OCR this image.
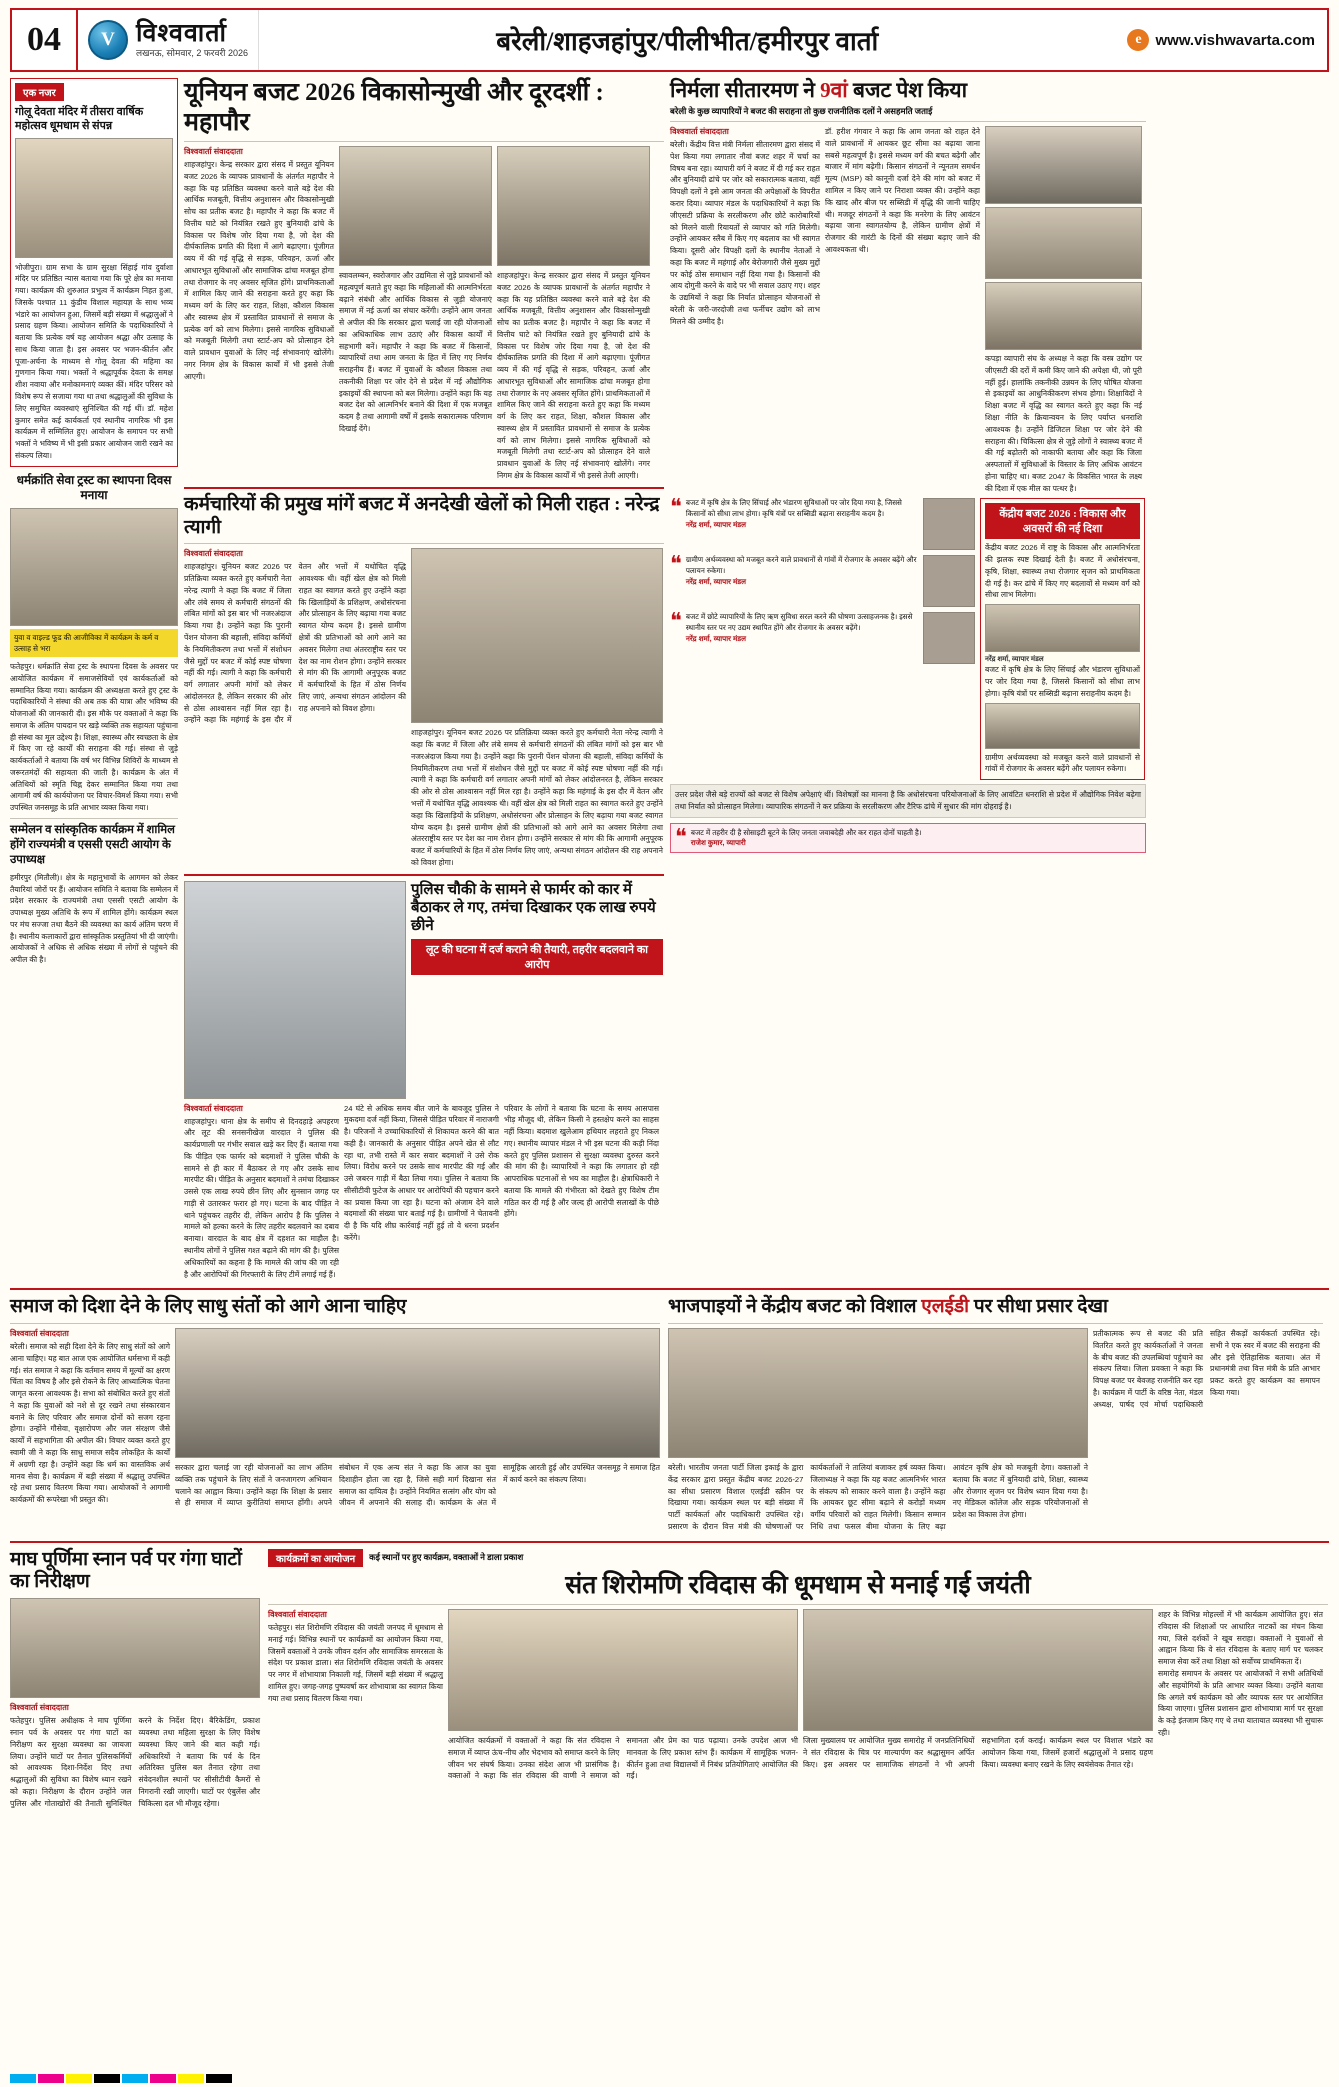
04	V विश्ववार्ता
लखनऊ, सोमवार, 2 फरवरी 2026	बरेली/शाहजहांपुर/पीलीभीत/हमीरपुर वार्ता	e www.vishwavarta.com
एक नजर
गोलू देवता मंदिर में तीसरा वार्षिक महोत्सव धूमधाम से संपन्न
भोजीपुरा। ग्राम सभा के ग्राम सुरक्षा सिंहाई गांव दुर्वाशा मंदिर पर प्रतिष्ठित न्यास बताया गया कि पूरे क्षेत्र का मनाया गया। कार्यक्रम की शुरुआत प्रभुत्व र्ने कार्यक्रम निहत हुआ, जिसके पश्चात 11 कुंडीय विशाल महायज्ञ के साथ भव्य भंडारे का आयोजन हुआ, जिसमें बड़ी संख्या में श्रद्धालुओं ने प्रसाद ग्रहण किया। आयोजन समिति के पदाधिकारियों ने बताया कि प्रत्येक वर्ष यह आयोजन श्रद्धा और उत्साह के साथ किया जाता है। इस अवसर पर भजन-कीर्तन और पूजा-अर्चना के माध्यम से गोलू देवता की महिमा का गुणगान किया गया। भक्तों ने श्रद्धापूर्वक देवता के समक्ष शीश नवाया और मनोकामनाएं व्यक्त कीं। मंदिर परिसर को विशेष रूप से सजाया गया था तथा श्रद्धालुओं की सुविधा के लिए समुचित व्यवस्थाएं सुनिश्चित की गई थीं। डॉ. महेश कुमार समेत कई कार्यकर्ता एवं स्थानीय नागरिक भी इस कार्यक्रम में सम्मिलित हुए। आयोजन के समापन पर सभी भक्तों ने भविष्य में भी इसी प्रकार आयोजन जारी रखने का संकल्प लिया।
धर्मक्रांति सेवा ट्रस्ट का स्थापना दिवस मनाया
युवा व वाइल्ड फूड की आजीविका में कार्यक्रम के कर्म व उत्साह से भरा
फतेहपुर। धर्मक्रांति सेवा ट्रस्ट के स्थापना दिवस के अवसर पर आयोजित कार्यक्रम में समाजसेवियों एवं कार्यकर्ताओं को सम्मानित किया गया। कार्यक्रम की अध्यक्षता करते हुए ट्रस्ट के पदाधिकारियों ने संस्था की अब तक की यात्रा और भविष्य की योजनाओं की जानकारी दी। इस मौके पर वक्ताओं ने कहा कि समाज के अंतिम पायदान पर खड़े व्यक्ति तक सहायता पहुंचाना ही संस्था का मूल उद्देश्य है। शिक्षा, स्वास्थ्य और स्वच्छता के क्षेत्र में किए जा रहे कार्यों की सराहना की गई। संस्था से जुड़े कार्यकर्ताओं ने बताया कि वर्ष भर विभिन्न शिविरों के माध्यम से जरूरतमंदों की सहायता की जाती है। कार्यक्रम के अंत में अतिथियों को स्मृति चिह्न देकर सम्मानित किया गया तथा आगामी वर्ष की कार्ययोजना पर विचार-विमर्श किया गया। सभी उपस्थित जनसमूह के प्रति आभार व्यक्त किया गया।
सम्मेलन व सांस्कृतिक कार्यक्रम में शामिल होंगे राज्यमंत्री व एससी एसटी आयोग के उपाध्यक्ष
हमीरपुर (मितौली)। क्षेत्र के महानुभावों के आगमन को लेकर तैयारियां जोरों पर हैं। आयोजन समिति ने बताया कि सम्मेलन में प्रदेश सरकार के राज्यमंत्री तथा एससी एसटी आयोग के उपाध्यक्ष मुख्य अतिथि के रूप में शामिल होंगे। कार्यक्रम स्थल पर मंच सज्जा तथा बैठने की व्यवस्था का कार्य अंतिम चरण में है। स्थानीय कलाकारों द्वारा सांस्कृतिक प्रस्तुतियां भी दी जाएंगी। आयोजकों ने अधिक से अधिक संख्या में लोगों से पहुंचने की अपील की है।
यूनियन बजट 2026 विकासोन्मुखी और दूरदर्शी : महापौर
विश्ववार्ता संवाददाता
शाहजहांपुर। केन्द्र सरकार द्वारा संसद में प्रस्तुत यूनियन बजट 2026 के व्यापक प्रावधानों के अंतर्गत महापौर ने कहा कि यह प्रतिष्ठित व्यवस्था करने वाले बड़े देश की आर्थिक मजबूती, वित्तीय अनुशासन और विकासोन्मुखी सोच का प्रतीक बजट है। महापौर ने कहा कि बजट में वित्तीय घाटे को नियंत्रित रखते हुए बुनियादी ढांचे के विकास पर विशेष जोर दिया गया है, जो देश की दीर्घकालिक प्रगति की दिशा में आगे बढ़ाएगा। पूंजीगत व्यय में की गई वृद्धि से सड़क, परिवहन, ऊर्जा और आधारभूत सुविधाओं और सामाजिक ढांचा मजबूत होगा तथा रोजगार के नए अवसर सृजित होंगे। प्राथमिकताओं में शामिल किए जाने की सराहना करते हुए कहा कि मध्यम वर्ग के लिए कर राहत, शिक्षा, कौशल विकास और स्वास्थ्य क्षेत्र में प्रस्तावित प्रावधानों से समाज के प्रत्येक वर्ग को लाभ मिलेगा। इससे नागरिक सुविधाओं को मजबूती मिलेगी तथा स्टार्ट-अप को प्रोत्साहन देने वाले प्रावधान युवाओं के लिए नई संभावनाएं खोलेंगे। नगर निगम क्षेत्र के विकास कार्यों में भी इससे तेजी आएगी।
स्वावलम्बन, स्वरोजगार और उद्यमिता से जुड़े प्रावधानों को महत्वपूर्ण बताते हुए कहा कि महिलाओं की आत्मनिर्भरता बढ़ाने संबंधी और आर्थिक विकास से जुड़ी योजनाएं समाज में नई ऊर्जा का संचार करेंगी। उन्होंने आम जनता से अपील की कि सरकार द्वारा चलाई जा रही योजनाओं का अधिकाधिक लाभ उठाएं और विकास कार्यों में सहभागी बनें। महापौर ने कहा कि बजट में किसानों, व्यापारियों तथा आम जनता के हित में लिए गए निर्णय सराहनीय हैं। बजट में युवाओं के कौशल विकास तथा तकनीकी शिक्षा पर जोर देने से प्रदेश में नई औद्योगिक इकाइयों की स्थापना को बल मिलेगा। उन्होंने कहा कि यह बजट देश को आत्मनिर्भर बनाने की दिशा में एक मजबूत कदम है तथा आगामी वर्षों में इसके सकारात्मक परिणाम दिखाई देंगे।
शाहजहांपुर। केन्द्र सरकार द्वारा संसद में प्रस्तुत यूनियन बजट 2026 के व्यापक प्रावधानों के अंतर्गत महापौर ने कहा कि यह प्रतिष्ठित व्यवस्था करने वाले बड़े देश की आर्थिक मजबूती, वित्तीय अनुशासन और विकासोन्मुखी सोच का प्रतीक बजट है। महापौर ने कहा कि बजट में वित्तीय घाटे को नियंत्रित रखते हुए बुनियादी ढांचे के विकास पर विशेष जोर दिया गया है, जो देश की दीर्घकालिक प्रगति की दिशा में आगे बढ़ाएगा। पूंजीगत व्यय में की गई वृद्धि से सड़क, परिवहन, ऊर्जा और आधारभूत सुविधाओं और सामाजिक ढांचा मजबूत होगा तथा रोजगार के नए अवसर सृजित होंगे। प्राथमिकताओं में शामिल किए जाने की सराहना करते हुए कहा कि मध्यम वर्ग के लिए कर राहत, शिक्षा, कौशल विकास और स्वास्थ्य क्षेत्र में प्रस्तावित प्रावधानों से समाज के प्रत्येक वर्ग को लाभ मिलेगा। इससे नागरिक सुविधाओं को मजबूती मिलेगी तथा स्टार्ट-अप को प्रोत्साहन देने वाले प्रावधान युवाओं के लिए नई संभावनाएं खोलेंगे। नगर निगम क्षेत्र के विकास कार्यों में भी इससे तेजी आएगी।
कर्मचारियों की प्रमुख मांगें बजट में अनदेखी खेलों को मिली राहत : नरेन्द्र त्यागी
विश्ववार्ता संवाददाता
शाहजहांपुर। यूनियन बजट 2026 पर प्रतिक्रिया व्यक्त करते हुए कर्मचारी नेता नरेन्द्र त्यागी ने कहा कि बजट में जिला और लंबे समय से कर्मचारी संगठनों की लंबित मांगों को इस बार भी नजरअंदाज किया गया है। उन्होंने कहा कि पुरानी पेंशन योजना की बहाली, संविदा कर्मियों के नियमितीकरण तथा भत्तों में संशोधन जैसे मुद्दों पर बजट में कोई स्पष्ट घोषणा नहीं की गई। त्यागी ने कहा कि कर्मचारी वर्ग लगातार अपनी मांगों को लेकर आंदोलनरत है, लेकिन सरकार की ओर से ठोस आश्वासन नहीं मिल रहा है। उन्होंने कहा कि महंगाई के इस दौर में वेतन और भत्तों में यथोचित वृद्धि आवश्यक थी। वहीं खेल क्षेत्र को मिली राहत का स्वागत करते हुए उन्होंने कहा कि खिलाड़ियों के प्रशिक्षण, अधोसंरचना और प्रोत्साहन के लिए बढ़ाया गया बजट स्वागत योग्य कदम है। इससे ग्रामीण क्षेत्रों की प्रतिभाओं को आगे आने का अवसर मिलेगा तथा अंतरराष्ट्रीय स्तर पर देश का नाम रोशन होगा। उन्होंने सरकार से मांग की कि आगामी अनुपूरक बजट में कर्मचारियों के हित में ठोस निर्णय लिए जाएं, अन्यथा संगठन आंदोलन की राह अपनाने को विवश होगा।
शाहजहांपुर। यूनियन बजट 2026 पर प्रतिक्रिया व्यक्त करते हुए कर्मचारी नेता नरेन्द्र त्यागी ने कहा कि बजट में जिला और लंबे समय से कर्मचारी संगठनों की लंबित मांगों को इस बार भी नजरअंदाज किया गया है। उन्होंने कहा कि पुरानी पेंशन योजना की बहाली, संविदा कर्मियों के नियमितीकरण तथा भत्तों में संशोधन जैसे मुद्दों पर बजट में कोई स्पष्ट घोषणा नहीं की गई। त्यागी ने कहा कि कर्मचारी वर्ग लगातार अपनी मांगों को लेकर आंदोलनरत है, लेकिन सरकार की ओर से ठोस आश्वासन नहीं मिल रहा है। उन्होंने कहा कि महंगाई के इस दौर में वेतन और भत्तों में यथोचित वृद्धि आवश्यक थी। वहीं खेल क्षेत्र को मिली राहत का स्वागत करते हुए उन्होंने कहा कि खिलाड़ियों के प्रशिक्षण, अधोसंरचना और प्रोत्साहन के लिए बढ़ाया गया बजट स्वागत योग्य कदम है। इससे ग्रामीण क्षेत्रों की प्रतिभाओं को आगे आने का अवसर मिलेगा तथा अंतरराष्ट्रीय स्तर पर देश का नाम रोशन होगा। उन्होंने सरकार से मांग की कि आगामी अनुपूरक बजट में कर्मचारियों के हित में ठोस निर्णय लिए जाएं, अन्यथा संगठन आंदोलन की राह अपनाने को विवश होगा।
पुलिस चौकी के सामने से फार्मर को कार में बैठाकर ले गए, तमंचा दिखाकर एक लाख रुपये छीने
लूट की घटना में दर्ज कराने की तैयारी, तहरीर बदलवाने का आरोप
विश्ववार्ता संवाददाता
शाहजहांपुर। थाना क्षेत्र के समीप से दिनदहाड़े अपहरण और लूट की सनसनीखेज वारदात ने पुलिस की कार्यप्रणाली पर गंभीर सवाल खड़े कर दिए हैं। बताया गया कि पीड़ित एक फार्मर को बदमाशों ने पुलिस चौकी के सामने से ही कार में बैठाकर ले गए और उसके साथ मारपीट की। पीड़ित के अनुसार बदमाशों ने तमंचा दिखाकर उससे एक लाख रुपये छीन लिए और सुनसान जगह पर गाड़ी से उतारकर फरार हो गए। घटना के बाद पीड़ित ने थाने पहुंचकर तहरीर दी, लेकिन आरोप है कि पुलिस ने मामले को हल्का करने के लिए तहरीर बदलवाने का दबाव बनाया। वारदात के बाद क्षेत्र में दहशत का माहौल है। स्थानीय लोगों ने पुलिस गश्त बढ़ाने की मांग की है। पुलिस अधिकारियों का कहना है कि मामले की जांच की जा रही है और आरोपियों की गिरफ्तारी के लिए टीमें लगाई गई हैं।
24 घंटे से अधिक समय बीत जाने के बावजूद पुलिस ने मुकदमा दर्ज नहीं किया, जिससे पीड़ित परिवार में नाराजगी है। परिजनों ने उच्चाधिकारियों से शिकायत करने की बात कही है। जानकारी के अनुसार पीड़ित अपने खेत से लौट रहा था, तभी रास्ते में कार सवार बदमाशों ने उसे रोक लिया। विरोध करने पर उसके साथ मारपीट की गई और उसे जबरन गाड़ी में बैठा लिया गया। पुलिस ने बताया कि सीसीटीवी फुटेज के आधार पर आरोपियों की पहचान करने का प्रयास किया जा रहा है। घटना को अंजाम देने वाले बदमाशों की संख्या चार बताई गई है। ग्रामीणों ने चेतावनी दी है कि यदि शीघ्र कार्रवाई नहीं हुई तो वे धरना प्रदर्शन करेंगे।
परिवार के लोगों ने बताया कि घटना के समय आसपास भीड़ मौजूद थी, लेकिन किसी ने हस्तक्षेप करने का साहस नहीं किया। बदमाश खुलेआम हथियार लहराते हुए निकल गए। स्थानीय व्यापार मंडल ने भी इस घटना की कड़ी निंदा करते हुए पुलिस प्रशासन से सुरक्षा व्यवस्था दुरुस्त करने की मांग की है। व्यापारियों ने कहा कि लगातार हो रही आपराधिक घटनाओं से भय का माहौल है। क्षेत्राधिकारी ने बताया कि मामले की गंभीरता को देखते हुए विशेष टीम गठित कर दी गई है और जल्द ही आरोपी सलाखों के पीछे होंगे।
निर्मला सीतारमण ने 9वां बजट पेश किया
बरेली के कुछ व्यापारियों ने बजट की सराहना तो कुछ राजनीतिक दलों ने असहमति जताई
विश्ववार्ता संवाददाता
बरेली। केंद्रीय वित्त मंत्री निर्मला सीतारमण द्वारा संसद में पेश किया गया लगातार नौवां बजट शहर में चर्चा का विषय बना रहा। व्यापारी वर्ग ने बजट में दी गई कर राहत और बुनियादी ढांचे पर जोर को सकारात्मक बताया, वहीं विपक्षी दलों ने इसे आम जनता की अपेक्षाओं के विपरीत करार दिया। व्यापार मंडल के पदाधिकारियों ने कहा कि जीएसटी प्रक्रिया के सरलीकरण और छोटे कारोबारियों को मिलने वाली रियायतों से व्यापार को गति मिलेगी। उन्होंने आयकर स्लैब में किए गए बदलाव का भी स्वागत किया। दूसरी ओर विपक्षी दलों के स्थानीय नेताओं ने कहा कि बजट में महंगाई और बेरोजगारी जैसे मुख्य मुद्दों पर कोई ठोस समाधान नहीं दिया गया है। किसानों की आय दोगुनी करने के वादे पर भी सवाल उठाए गए। शहर के उद्यमियों ने कहा कि निर्यात प्रोत्साहन योजनाओं से बरेली के जरी-जरदोजी तथा फर्नीचर उद्योग को लाभ मिलने की उम्मीद है।
डॉ. हरीश गंगवार ने कहा कि आम जनता को राहत देने वाले प्रावधानों में आयकर छूट सीमा का बढ़ाया जाना सबसे महत्वपूर्ण है। इससे मध्यम वर्ग की बचत बढ़ेगी और बाजार में मांग बढ़ेगी। किसान संगठनों ने न्यूनतम समर्थन मूल्य (MSP) को कानूनी दर्जा देने की मांग को बजट में शामिल न किए जाने पर निराशा व्यक्त की। उन्होंने कहा कि खाद और बीज पर सब्सिडी में वृद्धि की जानी चाहिए थी। मजदूर संगठनों ने कहा कि मनरेगा के लिए आवंटन बढ़ाया जाना स्वागतयोग्य है, लेकिन ग्रामीण क्षेत्रों में रोजगार की गारंटी के दिनों की संख्या बढ़ाए जाने की आवश्यकता थी।
कपड़ा व्यापारी संघ के अध्यक्ष ने कहा कि वस्त्र उद्योग पर जीएसटी की दरों में कमी किए जाने की अपेक्षा थी, जो पूरी नहीं हुई। हालांकि तकनीकी उन्नयन के लिए घोषित योजना से इकाइयों का आधुनिकीकरण संभव होगा। शिक्षाविदों ने शिक्षा बजट में वृद्धि का स्वागत करते हुए कहा कि नई शिक्षा नीति के क्रियान्वयन के लिए पर्याप्त धनराशि आवश्यक है। उन्होंने डिजिटल शिक्षा पर जोर देने की सराहना की। चिकित्सा क्षेत्र से जुड़े लोगों ने स्वास्थ्य बजट में की गई बढ़ोतरी को नाकाफी बताया और कहा कि जिला अस्पतालों में सुविधाओं के विस्तार के लिए अधिक आवंटन होना चाहिए था। बजट 2047 के विकसित भारत के लक्ष्य की दिशा में एक मील का पत्थर है।
❝ बजट में कृषि क्षेत्र के लिए सिंचाई और भंडारण सुविधाओं पर जोर दिया गया है, जिससे किसानों को सीधा लाभ होगा। कृषि यंत्रों पर सब्सिडी बढ़ाना सराहनीय कदम है।
नरेंद्र शर्मा, व्यापार मंडल
❝ ग्रामीण अर्थव्यवस्था को मजबूत करने वाले प्रावधानों से गांवों में रोजगार के अवसर बढ़ेंगे और पलायन रुकेगा।
नरेंद्र शर्मा, व्यापार मंडल
❝ बजट में छोटे व्यापारियों के लिए ऋण सुविधा सरल करने की घोषणा उत्साहजनक है। इससे स्थानीय स्तर पर नए उद्यम स्थापित होंगे और रोजगार के अवसर बढ़ेंगे।
नरेंद्र शर्मा, व्यापार मंडल
केंद्रीय बजट 2026 : विकास और अवसरों की नई दिशा
केंद्रीय बजट 2026 में राष्ट्र के विकास और आत्मनिर्भरता की झलक स्पष्ट दिखाई देती है। बजट में अधोसंरचना, कृषि, शिक्षा, स्वास्थ्य तथा रोजगार सृजन को प्राथमिकता दी गई है। कर ढांचे में किए गए बदलावों से मध्यम वर्ग को सीधा लाभ मिलेगा।
नरेंद्र शर्मा, व्यापार मंडल
बजट में कृषि क्षेत्र के लिए सिंचाई और भंडारण सुविधाओं पर जोर दिया गया है, जिससे किसानों को सीधा लाभ होगा। कृषि यंत्रों पर सब्सिडी बढ़ाना सराहनीय कदम है।
ग्रामीण अर्थव्यवस्था को मजबूत करने वाले प्रावधानों से गांवों में रोजगार के अवसर बढ़ेंगे और पलायन रुकेगा।
उत्तर प्रदेश जैसे बड़े राज्यों को बजट से विशेष अपेक्षाएं थीं। विशेषज्ञों का मानना है कि अधोसंरचना परियोजनाओं के लिए आवंटित धनराशि से प्रदेश में औद्योगिक निवेश बढ़ेगा तथा निर्यात को प्रोत्साहन मिलेगा। व्यापारिक संगठनों ने कर प्रक्रिया के सरलीकरण और टैरिफ ढांचे में सुधार की मांग दोहराई है।
❝ बजट में तहरीर दी है सोसाइटी बूटने के लिए जनता जवाबदेही और कर राहत दोनों चाहती है।
राजेश कुमार, व्यापारी
समाज को दिशा देने के लिए साधु संतों को आगे आना चाहिए
विश्ववार्ता संवाददाता
बरेली। समाज को सही दिशा देने के लिए साधु संतों को आगे आना चाहिए। यह बात आज एक आयोजित धर्मसभा में कही गई। संत समाज ने कहा कि वर्तमान समय में मूल्यों का क्षरण चिंता का विषय है और इसे रोकने के लिए आध्यात्मिक चेतना जागृत करना आवश्यक है। सभा को संबोधित करते हुए संतों ने कहा कि युवाओं को नशे से दूर रखने तथा संस्कारवान बनाने के लिए परिवार और समाज दोनों को सजग रहना होगा। उन्होंने गौसेवा, वृक्षारोपण और जल संरक्षण जैसे कार्यों में सहभागिता की अपील की। विचार व्यक्त करते हुए स्वामी जी ने कहा कि साधु समाज सदैव लोकहित के कार्यों में अग्रणी रहा है। उन्होंने कहा कि धर्म का वास्तविक अर्थ मानव सेवा है। कार्यक्रम में बड़ी संख्या में श्रद्धालु उपस्थित रहे तथा प्रसाद वितरण किया गया। आयोजकों ने आगामी कार्यक्रमों की रूपरेखा भी प्रस्तुत की।
सरकार द्वारा चलाई जा रही योजनाओं का लाभ अंतिम व्यक्ति तक पहुंचाने के लिए संतों ने जनजागरण अभियान चलाने का आह्वान किया। उन्होंने कहा कि शिक्षा के प्रसार से ही समाज में व्याप्त कुरीतियां समाप्त होंगी। अपने संबोधन में एक अन्य संत ने कहा कि आज का युवा दिशाहीन होता जा रहा है, जिसे सही मार्ग दिखाना संत समाज का दायित्व है। उन्होंने नियमित सत्संग और योग को जीवन में अपनाने की सलाह दी। कार्यक्रम के अंत में सामूहिक आरती हुई और उपस्थित जनसमूह ने समाज हित में कार्य करने का संकल्प लिया।
भाजपाइयों ने केंद्रीय बजट को विशाल एलईडी पर सीधा प्रसार देखा
बरेली। भारतीय जनता पार्टी जिला इकाई के द्वारा केंद्र सरकार द्वारा प्रस्तुत केंद्रीय बजट 2026-27 का सीधा प्रसारण विशाल एलईडी स्क्रीन पर दिखाया गया। कार्यक्रम स्थल पर बड़ी संख्या में पार्टी कार्यकर्ता और पदाधिकारी उपस्थित रहे। प्रसारण के दौरान वित्त मंत्री की घोषणाओं पर कार्यकर्ताओं ने तालियां बजाकर हर्ष व्यक्त किया। जिलाध्यक्ष ने कहा कि यह बजट आत्मनिर्भर भारत के संकल्प को साकार करने वाला है। उन्होंने कहा कि आयकर छूट सीमा बढ़ाने से करोड़ों मध्यम वर्गीय परिवारों को राहत मिलेगी। किसान सम्मान निधि तथा फसल बीमा योजना के लिए बढ़ा आवंटन कृषि क्षेत्र को मजबूती देगा। वक्ताओं ने बताया कि बजट में बुनियादी ढांचे, शिक्षा, स्वास्थ्य और रोजगार सृजन पर विशेष ध्यान दिया गया है। नए मेडिकल कॉलेज और सड़क परियोजनाओं से प्रदेश का विकास तेज होगा।
प्रतीकात्मक रूप से बजट की प्रति वितरित करते हुए कार्यकर्ताओं ने जनता के बीच बजट की उपलब्धियां पहुंचाने का संकल्प लिया। जिला प्रवक्ता ने कहा कि विपक्ष बजट पर बेवजह राजनीति कर रहा है। कार्यक्रम में पार्टी के वरिष्ठ नेता, मंडल अध्यक्ष, पार्षद एवं मोर्चा पदाधिकारी सहित सैकड़ों कार्यकर्ता उपस्थित रहे। सभी ने एक स्वर में बजट की सराहना की और इसे ऐतिहासिक बताया। अंत में प्रधानमंत्री तथा वित्त मंत्री के प्रति आभार प्रकट करते हुए कार्यक्रम का समापन किया गया।
माघ पूर्णिमा स्नान पर्व पर गंगा घाटों का निरीक्षण
विश्ववार्ता संवाददाता
फतेहपुर। पुलिस अधीक्षक ने माघ पूर्णिमा स्नान पर्व के अवसर पर गंगा घाटों का निरीक्षण कर सुरक्षा व्यवस्था का जायजा लिया। उन्होंने घाटों पर तैनात पुलिसकर्मियों को आवश्यक दिशा-निर्देश दिए तथा श्रद्धालुओं की सुविधा का विशेष ध्यान रखने को कहा। निरीक्षण के दौरान उन्होंने जल पुलिस और गोताखोरों की तैनाती सुनिश्चित करने के निर्देश दिए। बैरिकेडिंग, प्रकाश व्यवस्था तथा महिला सुरक्षा के लिए विशेष व्यवस्था किए जाने की बात कही गई। अधिकारियों ने बताया कि पर्व के दिन अतिरिक्त पुलिस बल तैनात रहेगा तथा संवेदनशील स्थानों पर सीसीटीवी कैमरों से निगरानी रखी जाएगी। घाटों पर एंबुलेंस और चिकित्सा दल भी मौजूद रहेगा।
कार्यक्रमों का आयोजन	कई स्थानों पर हुए कार्यक्रम, वक्ताओं ने डाला प्रकाश
संत शिरोमणि रविदास की धूमधाम से मनाई गई जयंती
विश्ववार्ता संवाददाता
फतेहपुर। संत शिरोमणि रविदास की जयंती जनपद में धूमधाम से मनाई गई। विभिन्न स्थानों पर कार्यक्रमों का आयोजन किया गया, जिसमें वक्ताओं ने उनके जीवन दर्शन और सामाजिक समरसता के संदेश पर प्रकाश डाला। संत शिरोमणि रविदास जयंती के अवसर पर नगर में शोभायात्रा निकाली गई, जिसमें बड़ी संख्या में श्रद्धालु शामिल हुए। जगह-जगह पुष्पवर्षा कर शोभायात्रा का स्वागत किया गया तथा प्रसाद वितरण किया गया।
आयोजित कार्यक्रमों में वक्ताओं ने कहा कि संत रविदास ने समाज में व्याप्त ऊंच-नीच और भेदभाव को समाप्त करने के लिए जीवन भर संघर्ष किया। उनका संदेश आज भी प्रासंगिक है। वक्ताओं ने कहा कि संत रविदास की वाणी ने समाज को समानता और प्रेम का पाठ पढ़ाया। उनके उपदेश आज भी मानवता के लिए प्रकाश स्तंभ हैं। कार्यक्रम में सामूहिक भजन-कीर्तन हुआ तथा विद्यालयों में निबंध प्रतियोगिताएं आयोजित की गईं।
जिला मुख्यालय पर आयोजित मुख्य समारोह में जनप्रतिनिधियों ने संत रविदास के चित्र पर माल्यार्पण कर श्रद्धासुमन अर्पित किए। इस अवसर पर सामाजिक संगठनों ने भी अपनी सहभागिता दर्ज कराई। कार्यक्रम स्थल पर विशाल भंडारे का आयोजन किया गया, जिसमें हजारों श्रद्धालुओं ने प्रसाद ग्रहण किया। व्यवस्था बनाए रखने के लिए स्वयंसेवक तैनात रहे।
शहर के विभिन्न मोहल्लों में भी कार्यक्रम आयोजित हुए। संत रविदास की शिक्षाओं पर आधारित नाटकों का मंचन किया गया, जिसे दर्शकों ने खूब सराहा। वक्ताओं ने युवाओं से आह्वान किया कि वे संत रविदास के बताए मार्ग पर चलकर समाज सेवा करें तथा शिक्षा को सर्वोच्च प्राथमिकता दें।
समारोह समापन के अवसर पर आयोजकों ने सभी अतिथियों और सहयोगियों के प्रति आभार व्यक्त किया। उन्होंने बताया कि अगले वर्ष कार्यक्रम को और व्यापक स्तर पर आयोजित किया जाएगा। पुलिस प्रशासन द्वारा शोभायात्रा मार्ग पर सुरक्षा के कड़े इंतजाम किए गए थे तथा यातायात व्यवस्था भी सुचारू रही।
